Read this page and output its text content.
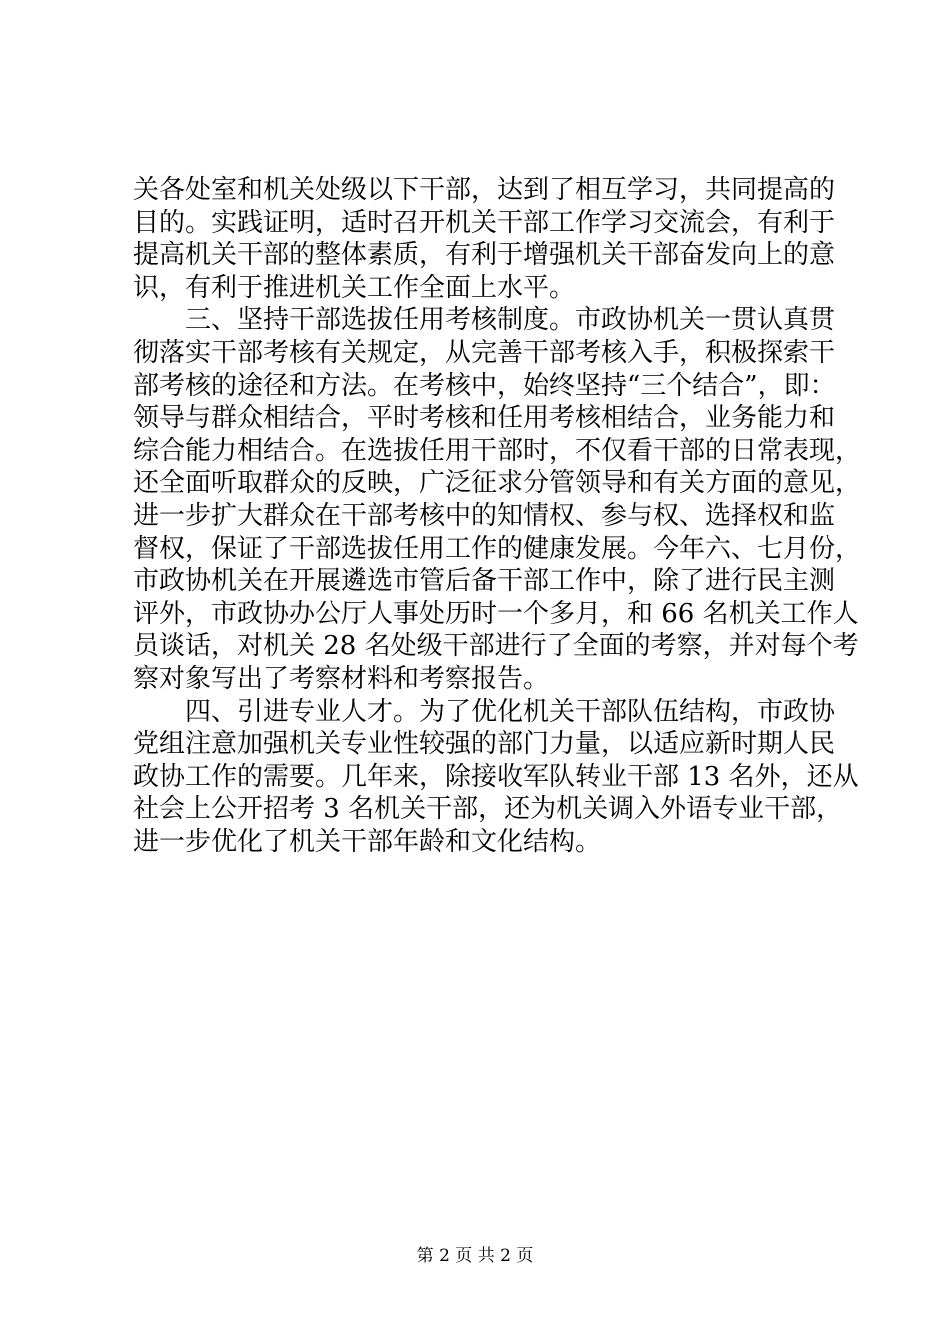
关各处室和机关处级以下干部，达到了相互学习，共同提高的
目的。实践证明，适时召开机关干部工作学习交流会，有利于
提高机关干部的整体素质，有利于增强机关干部奋发向上的意
识，有利于推进机关工作全面上水平。
　　三、坚持干部选拔任用考核制度。市政协机关一贯认真贯
彻落实干部考核有关规定，从完善干部考核入手，积极探索干
部考核的途径和方法。在考核中，始终坚持“三个结合”，即：
领导与群众相结合，平时考核和任用考核相结合，业务能力和
综合能力相结合。在选拔任用干部时，不仅看干部的日常表现，
还全面听取群众的反映，广泛征求分管领导和有关方面的意见，
进一步扩大群众在干部考核中的知情权、参与权、选择权和监
督权，保证了干部选拔任用工作的健康发展。今年六、七月份，
市政协机关在开展遴选市管后备干部工作中，除了进行民主测
评外，市政协办公厅人事处历时一个多月，和 66 名机关工作人
员谈话，对机关 28 名处级干部进行了全面的考察，并对每个考
察对象写出了考察材料和考察报告。
　　四、引进专业人才。为了优化机关干部队伍结构，市政协
党组注意加强机关专业性较强的部门力量，以适应新时期人民
政协工作的需要。几年来，除接收军队转业干部 13 名外，还从
社会上公开招考 3 名机关干部，还为机关调入外语专业干部，
进一步优化了机关干部年龄和文化结构。
第 2 页 共 2 页
